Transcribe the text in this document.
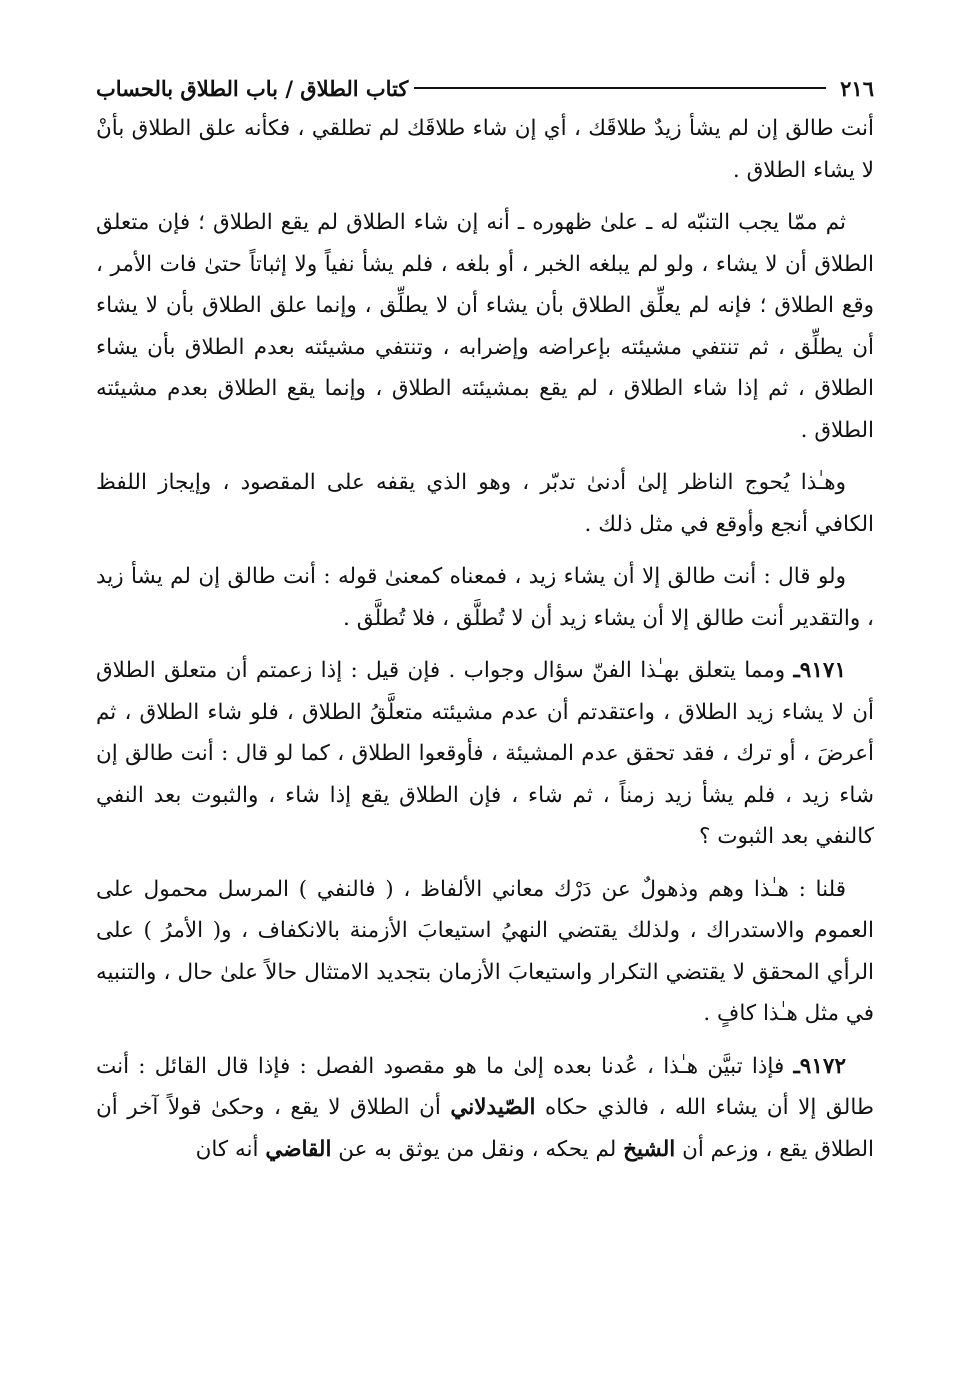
٢١٦
كتاب الطلاق / باب الطلاق بالحساب

أنت طالق إن لم يشأ زيدٌ طلاقَك ، أي إن شاء طلاقَك لم تطلقي ، فكأنه علق الطلاق بأنْ لا يشاء الطلاق .

ثم ممّا يجب التنبّه له ـ علىٰ ظهوره ـ أنه إن شاء الطلاق لم يقع الطلاق ؛ فإن متعلق الطلاق أن لا يشاء ، ولو لم يبلغه الخبر ، أو بلغه ، فلم يشأ نفياً ولا إثباتاً حتىٰ فات الأمر ، وقع الطلاق ؛ فإنه لم يعلِّق الطلاق بأن يشاء أن لا يطلِّق ، وإنما علق الطلاق بأن لا يشاء أن يطلِّق ، ثم تنتفي مشيئته بإعراضه وإضرابه ، وتنتفي مشيئته بعدم الطلاق بأن يشاء الطلاق ، ثم إذا شاء الطلاق ، لم يقع بمشيئته الطلاق ، وإنما يقع الطلاق بعدم مشيئته الطلاق .

وهـٰذا يُحوج الناظر إلىٰ أدنىٰ تدبّر ، وهو الذي يقفه على المقصود ، وإيجاز اللفظ الكافي أنجع وأوقع في مثل ذلك .

ولو قال : أنت طالق إلا أن يشاء زيد ، فمعناه كمعنىٰ قوله : أنت طالق إن لم يشأ زيد ، والتقدير أنت طالق إلا أن يشاء زيد أن لا تُطلَّق ، فلا تُطلَّق .

٩١٧١ـ ومما يتعلق بهـٰذا الفنّ سؤال وجواب . فإن قيل : إذا زعمتم أن متعلق الطلاق أن لا يشاء زيد الطلاق ، واعتقدتم أن عدم مشيئته متعلَّقُ الطلاق ، فلو شاء الطلاق ، ثم أعرضَ ، أو ترك ، فقد تحقق عدم المشيئة ، فأوقعوا الطلاق ، كما لو قال : أنت طالق إن شاء زيد ، فلم يشأ زيد زمناً ، ثم شاء ، فإن الطلاق يقع إذا شاء ، والثبوت بعد النفي كالنفي بعد الثبوت ؟

قلنا : هـٰذا وهم وذهولٌ عن دَرْك معاني الألفاظ ، ( فالنفي ) المرسل محمول على العموم والاستدراك ، ولذلك يقتضي النهيُ استيعابَ الأزمنة بالانكفاف ، و( الأمرُ ) على الرأي المحقق لا يقتضي التكرار واستيعابَ الأزمان بتجديد الامتثال حالاً علىٰ حال ، والتنبيه في مثل هـٰذا كافٍ .

٩١٧٢ـ فإذا تبيَّن هـٰذا ، عُدنا بعده إلىٰ ما هو مقصود الفصل : فإذا قال القائل : أنت طالق إلا أن يشاء الله ، فالذي حكاه الصّيدلاني أن الطلاق لا يقع ، وحكىٰ قولاً آخر أن الطلاق يقع ، وزعم أن الشيخ لم يحكه ، ونقل من يوثق به عن القاضي أنه كان
